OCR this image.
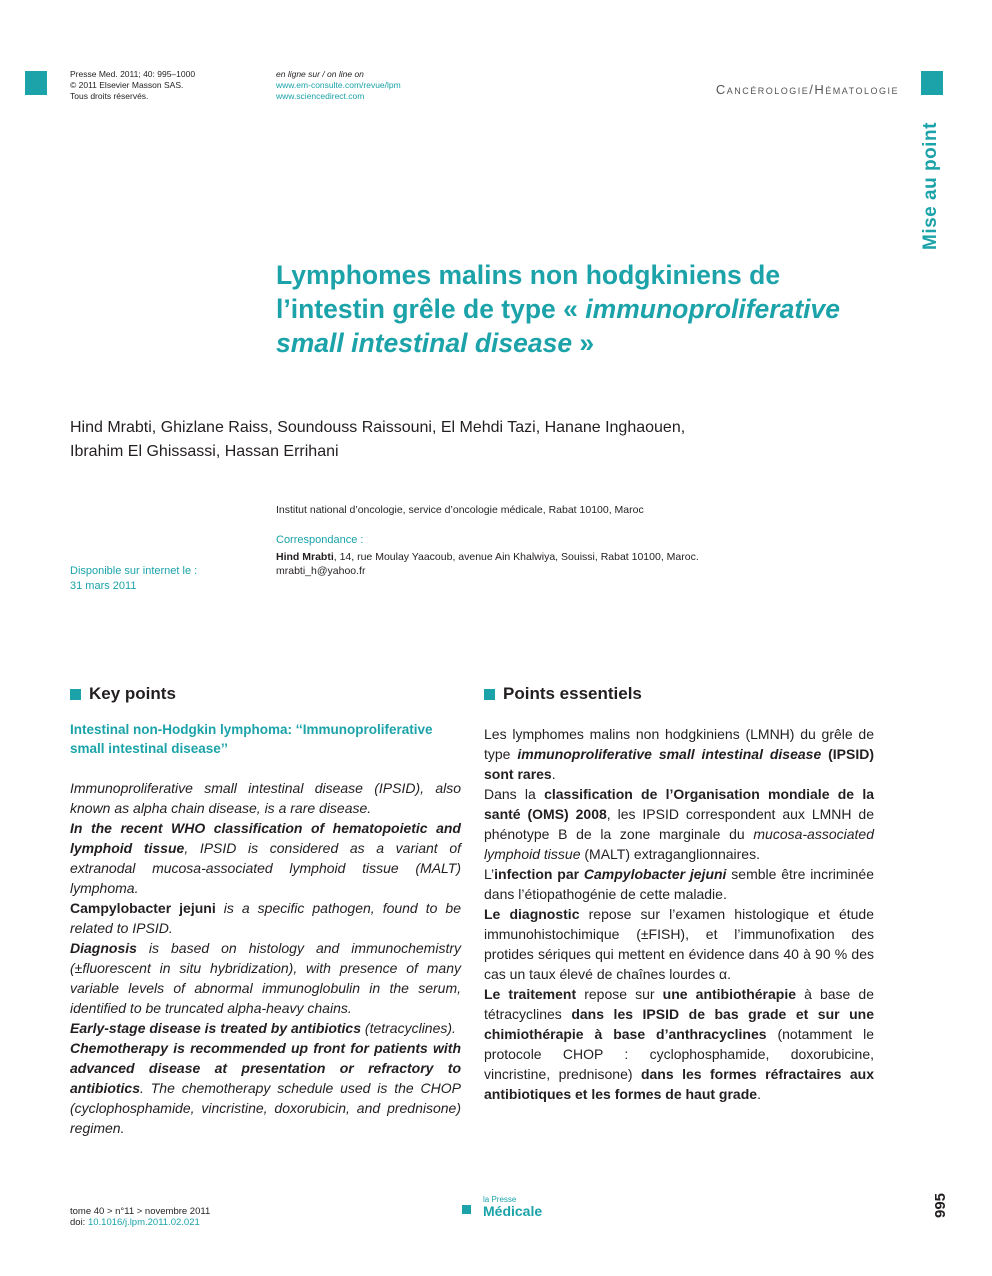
Presse Med. 2011; 40: 995–1000
© 2011 Elsevier Masson SAS.
Tous droits réservés.
en ligne sur / on line on
www.em-consulte.com/revue/lpm
www.sciencedirect.com	Cancérologie/Hématologie
Mise au point
Lymphomes malins non hodgkiniens de l’intestin grêle de type « immunoproliferative small intestinal disease »
Hind Mrabti, Ghizlane Raiss, Soundouss Raissouni, El Mehdi Tazi, Hanane Inghaouen,
Ibrahim El Ghissassi, Hassan Errihani
Institut national d’oncologie, service d’oncologie médicale, Rabat 10100, Maroc
Correspondance :
Hind Mrabti, 14, rue Moulay Yaacoub, avenue Ain Khalwiya, Souissi, Rabat 10100, Maroc.
mrabti_h@yahoo.fr
Disponible sur internet le :
31 mars 2011
Key points
Intestinal non-Hodgkin lymphoma: ‘‘Immunoproliferative small intestinal disease’’

Immunoproliferative small intestinal disease (IPSID), also known as alpha chain disease, is a rare disease.

In the recent WHO classification of hematopoietic and lymphoid tissue, IPSID is considered as a variant of extranodal mucosa-associated lymphoid tissue (MALT) lymphoma.

Campylobacter jejuni is a specific pathogen, found to be related to IPSID.

Diagnosis is based on histology and immunochemistry (±fluorescent in situ hybridization), with presence of many variable levels of abnormal immunoglobulin in the serum, identified to be truncated alpha-heavy chains.

Early-stage disease is treated by antibiotics (tetracyclines).

Chemotherapy is recommended up front for patients with advanced disease at presentation or refractory to antibiotics. The chemotherapy schedule used is the CHOP (cyclophosphamide, vincristine, doxorubicin, and prednisone) regimen.

Points essentiels

Les lymphomes malins non hodgkiniens (LMNH) du grêle de type immunoproliferative small intestinal disease (IPSID) sont rares.

Dans la classification de l’Organisation mondiale de la santé (OMS) 2008, les IPSID correspondent aux LMNH de phénotype B de la zone marginale du mucosa-associated lymphoid tissue (MALT) extraganglionnaires.

L’infection par Campylobacter jejuni semble être incriminée dans l’étiopathogénie de cette maladie.

Le diagnostic repose sur l’examen histologique et étude immunohistochimique (±FISH), et l’immunofixation des protides sériques qui mettent en évidence dans 40 à 90 % des cas un taux élevé de chaînes lourdes α.

Le traitement repose sur une antibiothérapie à base de tétracyclines dans les IPSID de bas grade et sur une chimiothérapie à base d’anthracyclines (notamment le protocole CHOP : cyclophosphamide, doxorubicine, vincristine, prednisone) dans les formes réfractaires aux antibiotiques et les formes de haut grade.

tome 40 > n°11 > novembre 2011
doi: 10.1016/j.lpm.2011.02.021
la Presse
Médicale	995
